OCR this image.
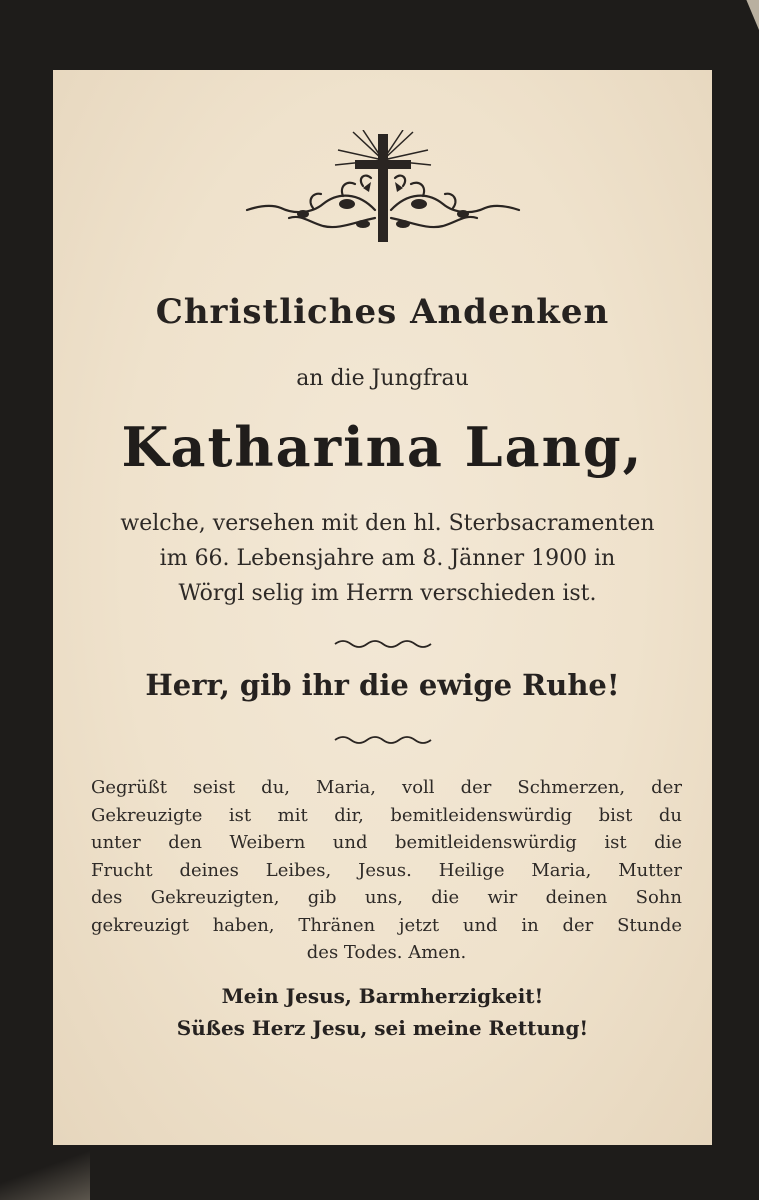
Christliches Andenken
an die Jungfrau
Katharina Lang,
welche, versehen mit den hl. Sterbsacramenten
im 66. Lebensjahre am 8. Jänner 1900 in
Wörgl selig im Herrn verschieden ist.
Herr, gib ihr die ewige Ruhe!
Gegrüßt seist du, Maria, voll der Schmerzen, der
Gekreuzigte ist mit dir, bemitleidenswürdig bist du
unter den Weibern und bemitleidenswürdig ist die
Frucht deines Leibes, Jesus. Heilige Maria, Mutter
des Gekreuzigten, gib uns, die wir deinen Sohn
gekreuzigt haben, Thränen jetzt und in der Stunde
des Todes. Amen.
Mein Jesus, Barmherzigkeit!
Süßes Herz Jesu, sei meine Rettung!
